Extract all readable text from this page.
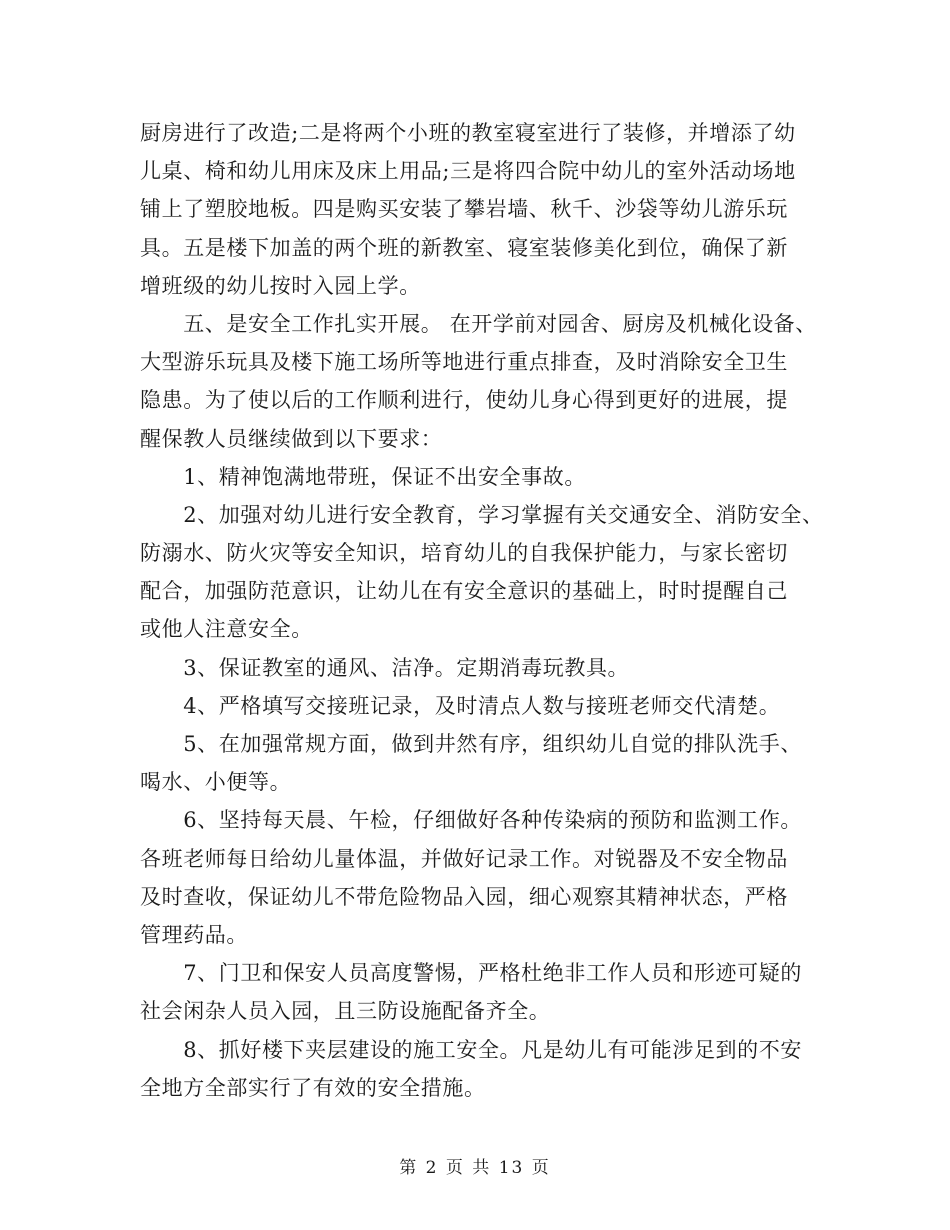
厨房进行了改造;二是将两个小班的教室寝室进行了装修，并增添了幼
儿桌、椅和幼儿用床及床上用品;三是将四合院中幼儿的室外活动场地
铺上了塑胶地板。四是购买安装了攀岩墙、秋千、沙袋等幼儿游乐玩
具。五是楼下加盖的两个班的新教室、寝室装修美化到位，确保了新
增班级的幼儿按时入园上学。
　　五、是安全工作扎实开展。 在开学前对园舍、厨房及机械化设备、
大型游乐玩具及楼下施工场所等地进行重点排查，及时消除安全卫生
隐患。为了使以后的工作顺利进行，使幼儿身心得到更好的进展，提
醒保教人员继续做到以下要求：
　　1、精神饱满地带班，保证不出安全事故。
　　2、加强对幼儿进行安全教育，学习掌握有关交通安全、消防安全、
防溺水、防火灾等安全知识，培育幼儿的自我保护能力，与家长密切
配合，加强防范意识，让幼儿在有安全意识的基础上，时时提醒自己
或他人注意安全。
　　3、保证教室的通风、洁净。定期消毒玩教具。
　　4、严格填写交接班记录，及时清点人数与接班老师交代清楚。
　　5、在加强常规方面，做到井然有序，组织幼儿自觉的排队洗手、
喝水、小便等。
　　6、坚持每天晨、午检，仔细做好各种传染病的预防和监测工作。
各班老师每日给幼儿量体温，并做好记录工作。对锐器及不安全物品
及时查收，保证幼儿不带危险物品入园，细心观察其精神状态，严格
管理药品。
　　7、门卫和保安人员高度警惕，严格杜绝非工作人员和形迹可疑的
社会闲杂人员入园，且三防设施配备齐全。
　　8、抓好楼下夹层建设的施工安全。凡是幼儿有可能涉足到的不安
全地方全部实行了有效的安全措施。
第 2 页 共 13 页
